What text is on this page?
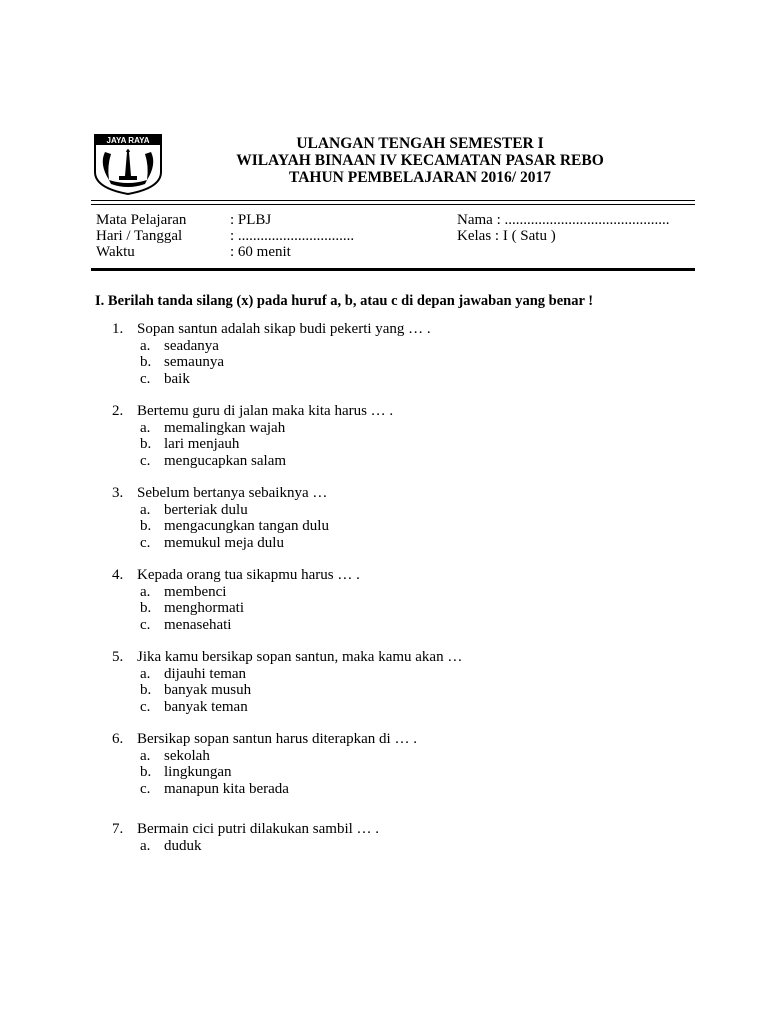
JAYA RAYA	ULANGAN TENGAH SEMESTER I
WILAYAH BINAAN IV KECAMATAN PASAR REBO
TAHUN PEMBELAJARAN 2016/ 2017
Mata Pelajaran	: PLBJ	Nama : ............................................
Hari / Tanggal	: ...............................	Kelas : I ( Satu )
Waktu	: 60 menit
I. Berilah tanda silang (x) pada huruf a, b, atau c di depan jawaban yang benar !
1. Sopan santun adalah sikap budi pekerti yang … .
a. seadanya
b. semaunya
c. baik
2. Bertemu guru di jalan maka kita harus … .
a. memalingkan wajah
b. lari menjauh
c. mengucapkan salam
3. Sebelum bertanya sebaiknya …
a. berteriak dulu
b. mengacungkan tangan dulu
c. memukul meja dulu
4. Kepada orang tua sikapmu harus … .
a. membenci
b. menghormati
c. menasehati
5. Jika kamu bersikap sopan santun, maka kamu akan …
a. dijauhi teman
b. banyak musuh
c. banyak teman
6. Bersikap sopan santun harus diterapkan di … .
a. sekolah
b. lingkungan
c. manapun kita berada
7. Bermain cici putri dilakukan sambil … .
a. duduk
